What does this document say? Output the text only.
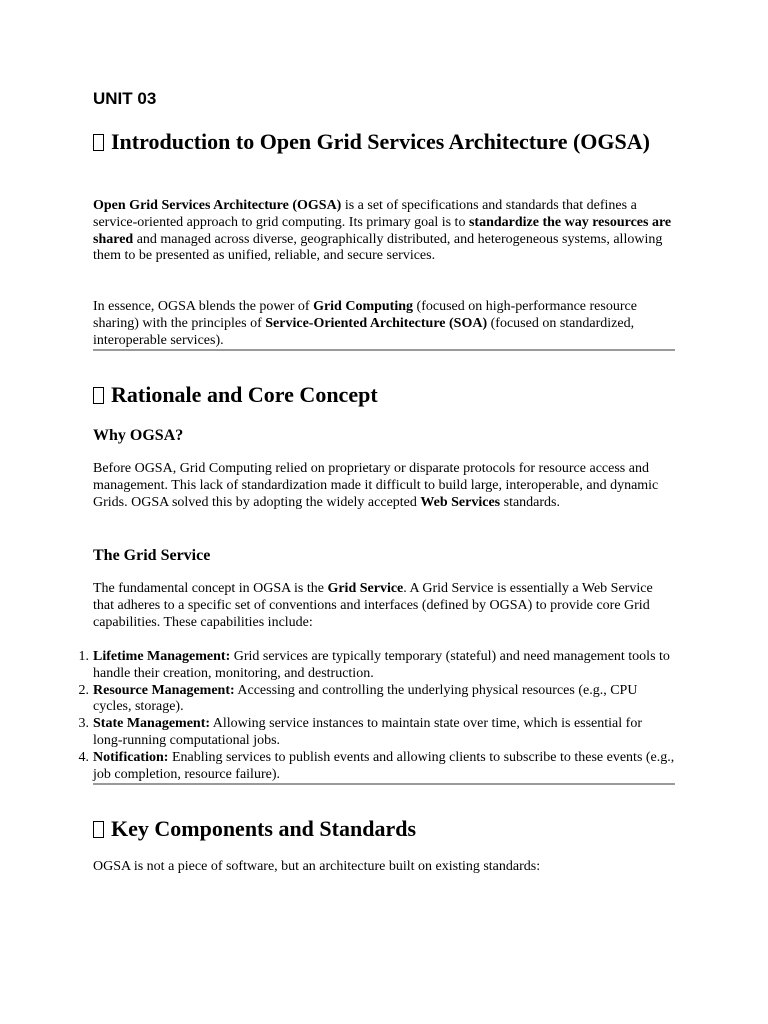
UNIT 03
Introduction to Open Grid Services Architecture (OGSA)

Open Grid Services Architecture (OGSA) is a set of specifications and standards that defines a service-oriented approach to grid computing. Its primary goal is to standardize the way resources are shared and managed across diverse, geographically distributed, and heterogeneous systems, allowing them to be presented as unified, reliable, and secure services.

In essence, OGSA blends the power of Grid Computing (focused on high-performance resource sharing) with the principles of Service-Oriented Architecture (SOA) (focused on standardized, interoperable services).

Rationale and Core Concept
Why OGSA?

Before OGSA, Grid Computing relied on proprietary or disparate protocols for resource access and management. This lack of standardization made it difficult to build large, interoperable, and dynamic Grids. OGSA solved this by adopting the widely accepted Web Services standards.

The Grid Service

The fundamental concept in OGSA is the Grid Service. A Grid Service is essentially a Web Service that adheres to a specific set of conventions and interfaces (defined by OGSA) to provide core Grid capabilities. These capabilities include:

1. Lifetime Management: Grid services are typically temporary (stateful) and need management tools to handle their creation, monitoring, and destruction.
2. Resource Management: Accessing and controlling the underlying physical resources (e.g., CPU cycles, storage).
3. State Management: Allowing service instances to maintain state over time, which is essential for long-running computational jobs.
4. Notification: Enabling services to publish events and allowing clients to subscribe to these events (e.g., job completion, resource failure).
Key Components and Standards

OGSA is not a piece of software, but an architecture built on existing standards:
